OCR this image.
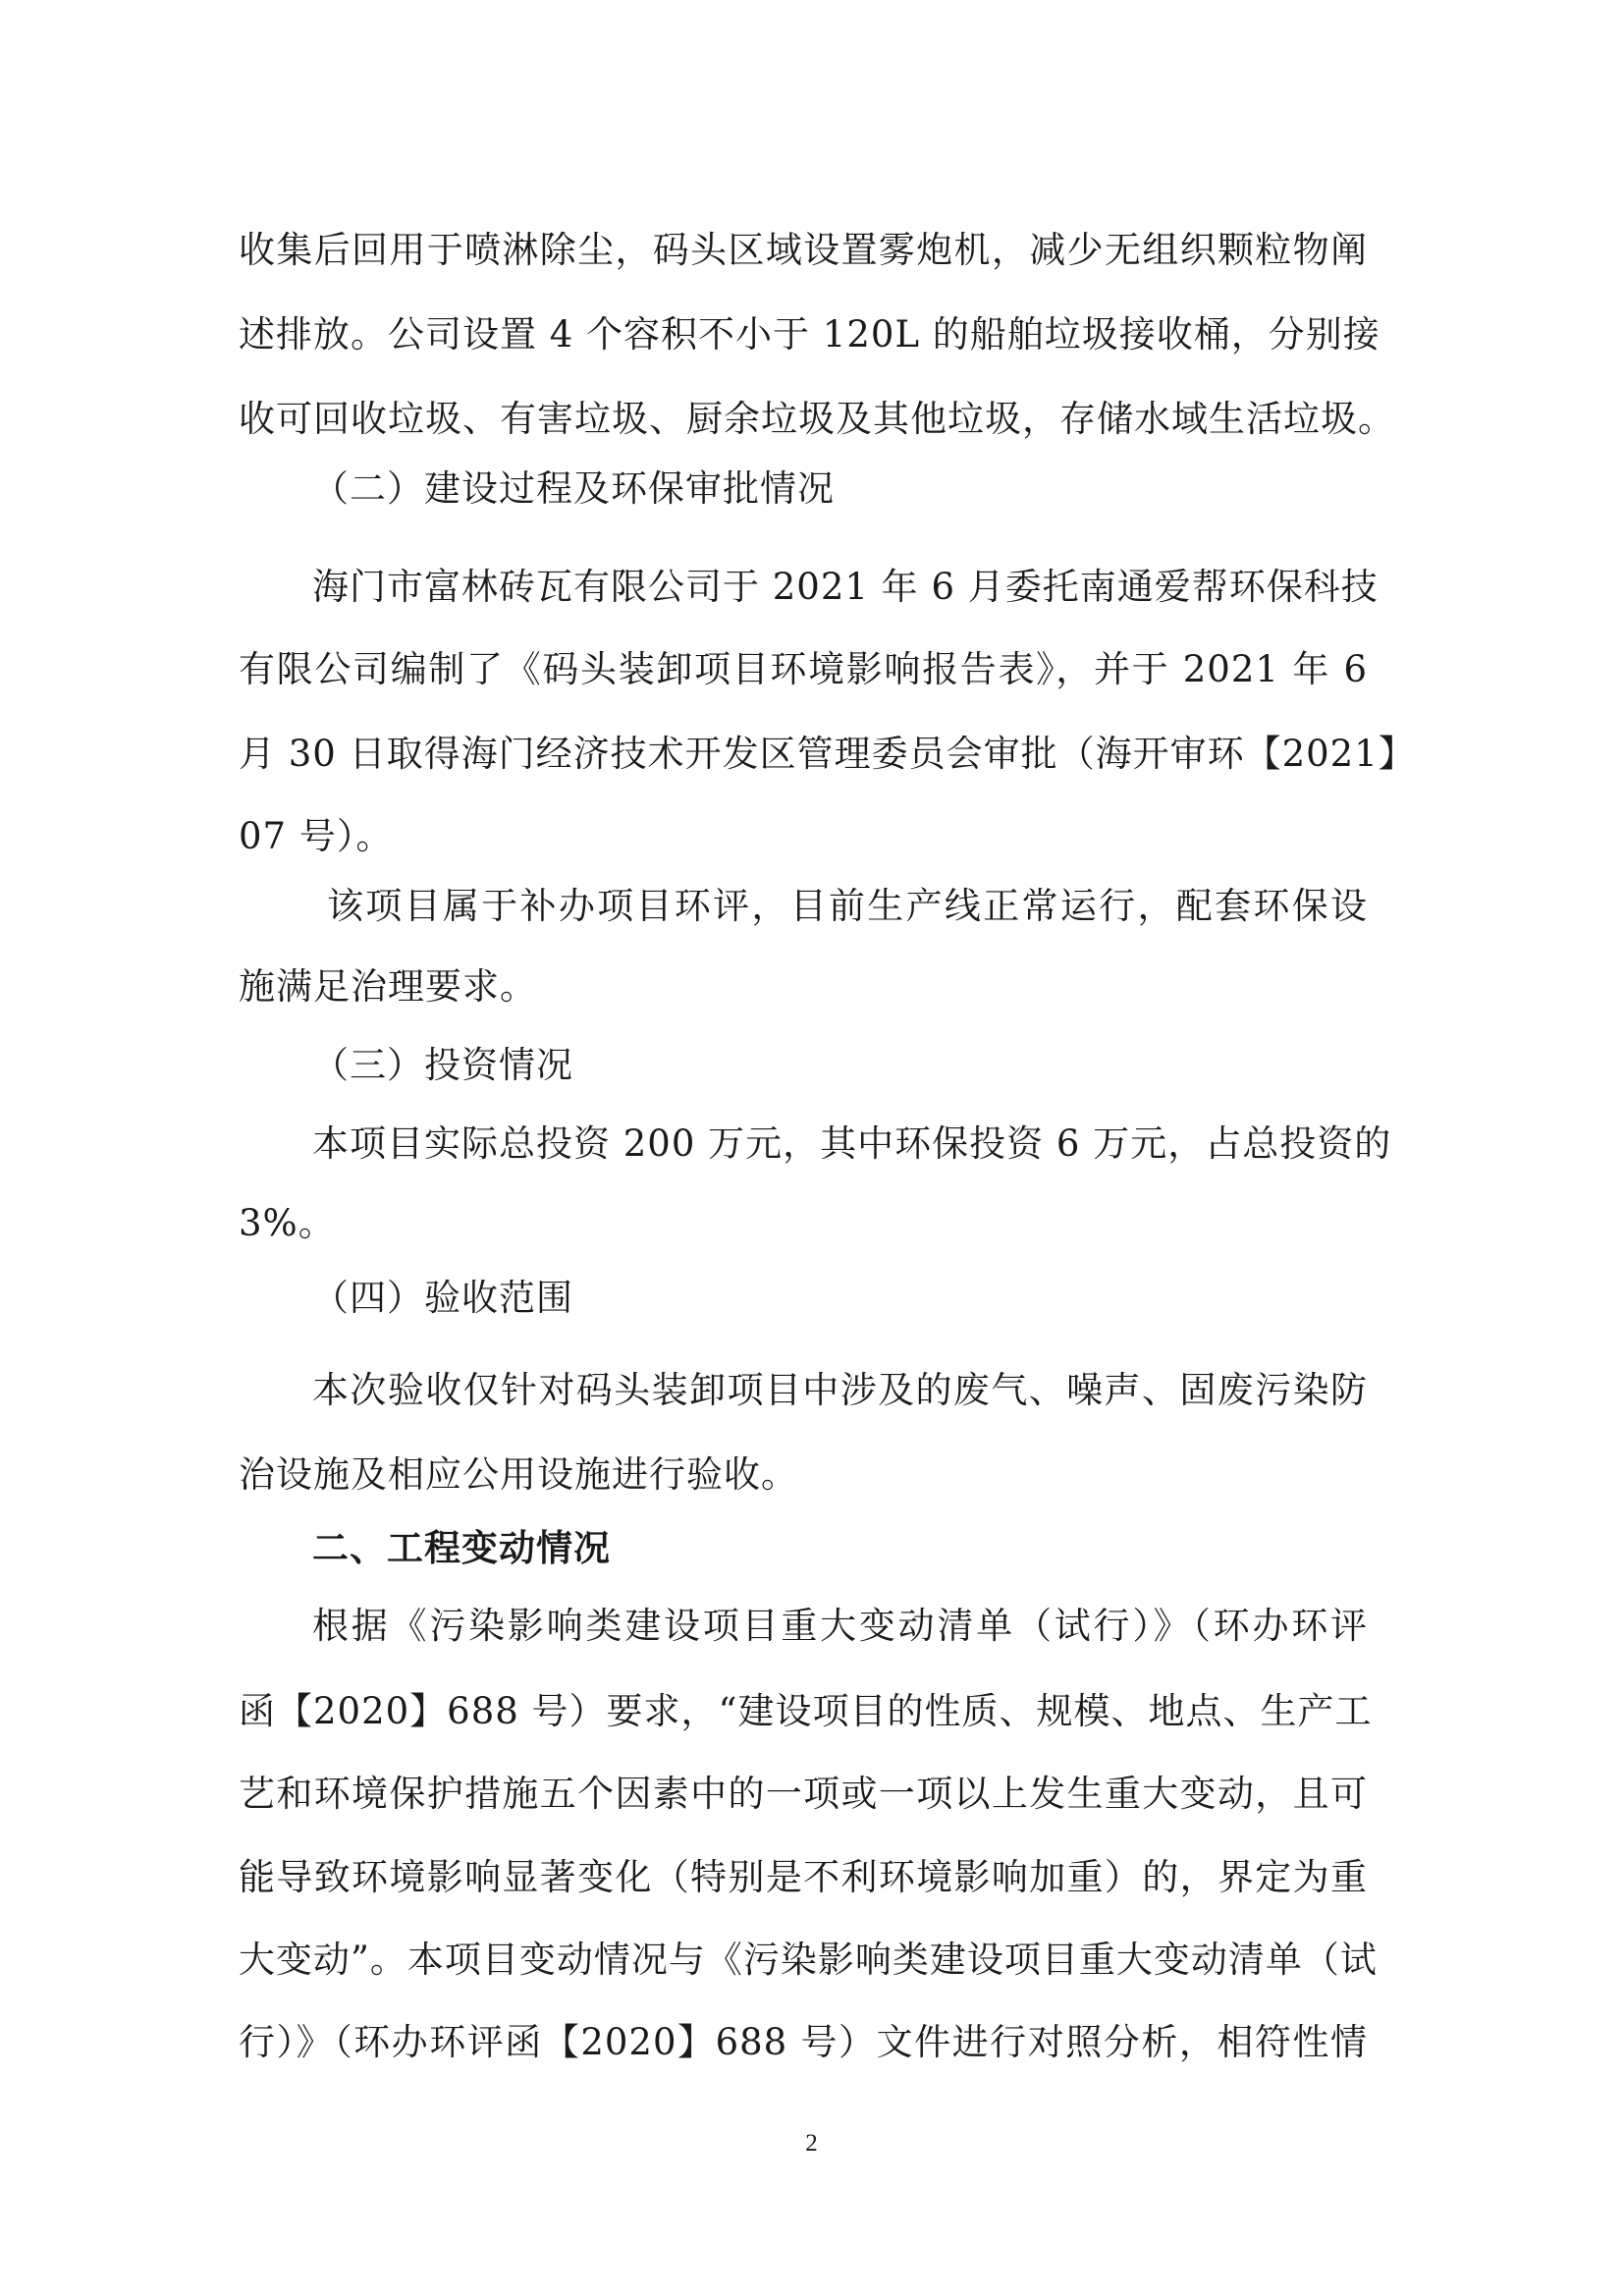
收集后回用于喷淋除尘，码头区域设置雾炮机，减少无组织颗粒物阐
述排放。公司设置 4 个容积不小于 120L 的船舶垃圾接收桶，分别接
收可回收垃圾、有害垃圾、厨余垃圾及其他垃圾，存储水域生活垃圾。
（二）建设过程及环保审批情况
海门市富林砖瓦有限公司于 2021 年 6 月委托南通爱帮环保科技
有限公司编制了《码头装卸项目环境影响报告表》，并于 2021 年 6
月 30 日取得海门经济技术开发区管理委员会审批（海开审环【2021】
07 号）。
该项目属于补办项目环评，目前生产线正常运行，配套环保设
施满足治理要求。
（三）投资情况
本项目实际总投资 200 万元，其中环保投资 6 万元，占总投资的
3%。
（四）验收范围
本次验收仅针对码头装卸项目中涉及的废气、噪声、固废污染防
治设施及相应公用设施进行验收。
二、工程变动情况
根据《污染影响类建设项目重大变动清单（试行）》（环办环评
函【2020】688 号）要求，“建设项目的性质、规模、地点、生产工
艺和环境保护措施五个因素中的一项或一项以上发生重大变动，且可
能导致环境影响显著变化（特别是不利环境影响加重）的，界定为重
大变动”。本项目变动情况与《污染影响类建设项目重大变动清单（试
行）》（环办环评函【2020】688 号）文件进行对照分析，相符性情
2
